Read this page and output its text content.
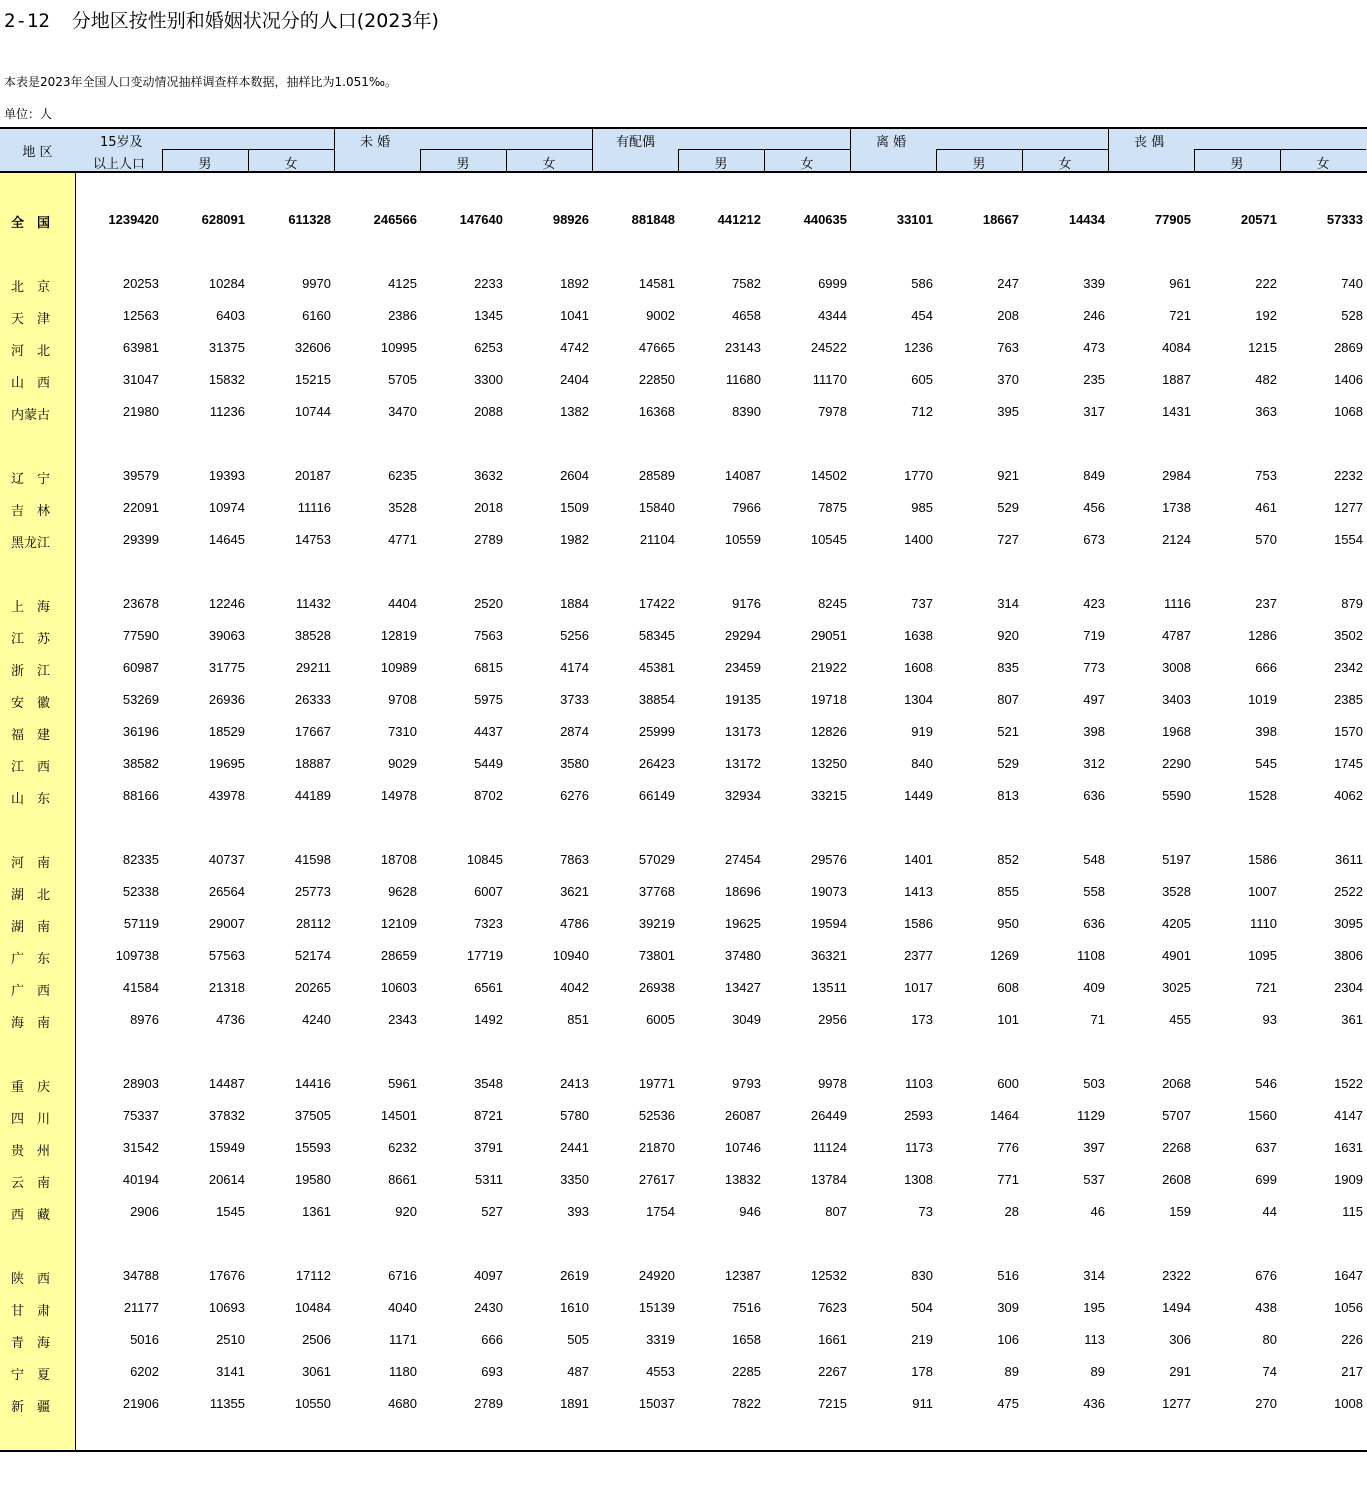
2-12 分地区按性别和婚姻状况分的人口(2023年)
本表是2023年全国人口变动情况抽样调查样本数据，抽样比为1.051‰。
单位：人
地 区
15岁及
以上人口	男	女
未 婚
男	女
有配偶
男	女
离 婚
男	女
丧 偶
男	女
全　国	1239420	628091	611328	246566	147640	98926	881848	441212	440635	33101	18667	14434	77905	20571	57333
北　京	20253	10284	9970	4125	2233	1892	14581	7582	6999	586	247	339	961	222	740
天　津	12563	6403	6160	2386	1345	1041	9002	4658	4344	454	208	246	721	192	528
河　北	63981	31375	32606	10995	6253	4742	47665	23143	24522	1236	763	473	4084	1215	2869
山　西	31047	15832	15215	5705	3300	2404	22850	11680	11170	605	370	235	1887	482	1406
内蒙古	21980	11236	10744	3470	2088	1382	16368	8390	7978	712	395	317	1431	363	1068
辽　宁	39579	19393	20187	6235	3632	2604	28589	14087	14502	1770	921	849	2984	753	2232
吉　林	22091	10974	11116	3528	2018	1509	15840	7966	7875	985	529	456	1738	461	1277
黑龙江	29399	14645	14753	4771	2789	1982	21104	10559	10545	1400	727	673	2124	570	1554
上　海	23678	12246	11432	4404	2520	1884	17422	9176	8245	737	314	423	1116	237	879
江　苏	77590	39063	38528	12819	7563	5256	58345	29294	29051	1638	920	719	4787	1286	3502
浙　江	60987	31775	29211	10989	6815	4174	45381	23459	21922	1608	835	773	3008	666	2342
安　徽	53269	26936	26333	9708	5975	3733	38854	19135	19718	1304	807	497	3403	1019	2385
福　建	36196	18529	17667	7310	4437	2874	25999	13173	12826	919	521	398	1968	398	1570
江　西	38582	19695	18887	9029	5449	3580	26423	13172	13250	840	529	312	2290	545	1745
山　东	88166	43978	44189	14978	8702	6276	66149	32934	33215	1449	813	636	5590	1528	4062
河　南	82335	40737	41598	18708	10845	7863	57029	27454	29576	1401	852	548	5197	1586	3611
湖　北	52338	26564	25773	9628	6007	3621	37768	18696	19073	1413	855	558	3528	1007	2522
湖　南	57119	29007	28112	12109	7323	4786	39219	19625	19594	1586	950	636	4205	1110	3095
广　东	109738	57563	52174	28659	17719	10940	73801	37480	36321	2377	1269	1108	4901	1095	3806
广　西	41584	21318	20265	10603	6561	4042	26938	13427	13511	1017	608	409	3025	721	2304
海　南	8976	4736	4240	2343	1492	851	6005	3049	2956	173	101	71	455	93	361
重　庆	28903	14487	14416	5961	3548	2413	19771	9793	9978	1103	600	503	2068	546	1522
四　川	75337	37832	37505	14501	8721	5780	52536	26087	26449	2593	1464	1129	5707	1560	4147
贵　州	31542	15949	15593	6232	3791	2441	21870	10746	11124	1173	776	397	2268	637	1631
云　南	40194	20614	19580	8661	5311	3350	27617	13832	13784	1308	771	537	2608	699	1909
西　藏	2906	1545	1361	920	527	393	1754	946	807	73	28	46	159	44	115
陕　西	34788	17676	17112	6716	4097	2619	24920	12387	12532	830	516	314	2322	676	1647
甘　肃	21177	10693	10484	4040	2430	1610	15139	7516	7623	504	309	195	1494	438	1056
青　海	5016	2510	2506	1171	666	505	3319	1658	1661	219	106	113	306	80	226
宁　夏	6202	3141	3061	1180	693	487	4553	2285	2267	178	89	89	291	74	217
新　疆	21906	11355	10550	4680	2789	1891	15037	7822	7215	911	475	436	1277	270	1008
